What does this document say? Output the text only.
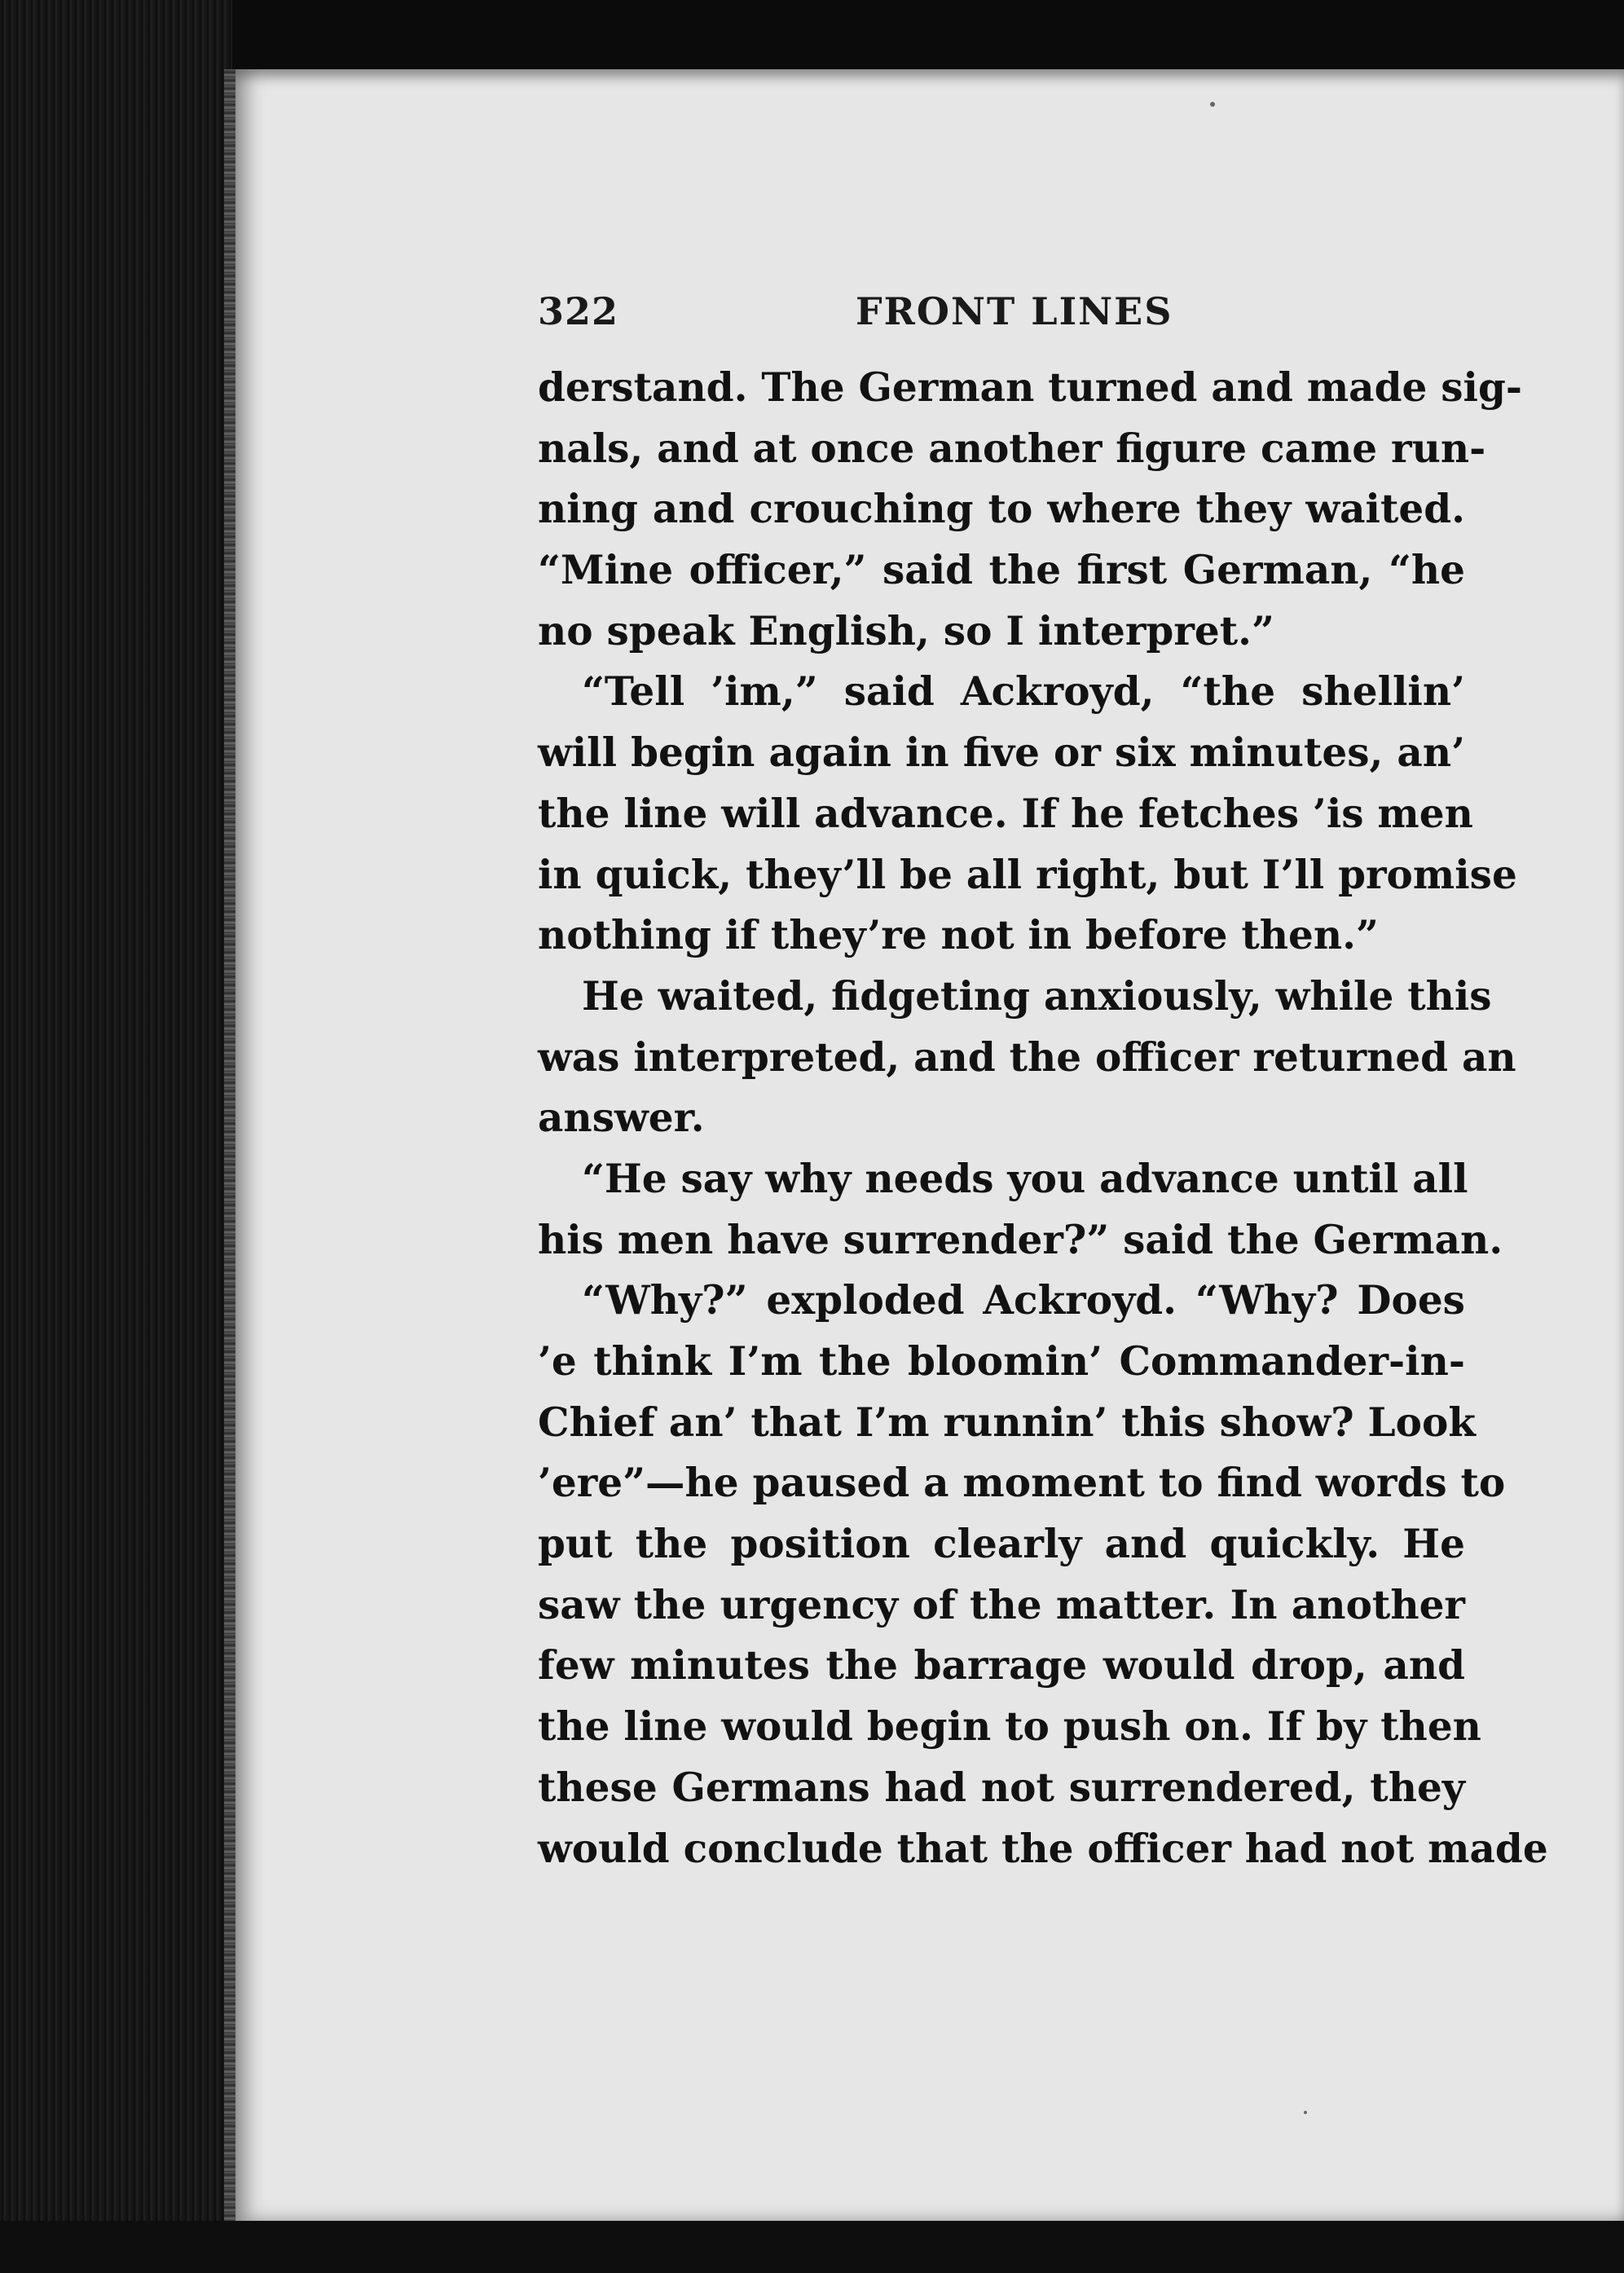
322	FRONT LINES
derstand. The German turned and made sig-
nals, and at once another figure came run-
ning and crouching to where they waited.
“Mine officer,” said the first German, “he
no speak English, so I interpret.”
“Tell ’im,” said Ackroyd, “the shellin’
will begin again in five or six minutes, an’
the line will advance. If he fetches ’is men
in quick, they’ll be all right, but I’ll promise
nothing if they’re not in before then.”
He waited, fidgeting anxiously, while this
was interpreted, and the officer returned an
answer.
“He say why needs you advance until all
his men have surrender?” said the German.
“Why?” exploded Ackroyd. “Why? Does
’e think I’m the bloomin’ Commander-in-
Chief an’ that I’m runnin’ this show? Look
’ere”—he paused a moment to find words to
put the position clearly and quickly. He
saw the urgency of the matter. In another
few minutes the barrage would drop, and
the line would begin to push on. If by then
these Germans had not surrendered, they
would conclude that the officer had not made
